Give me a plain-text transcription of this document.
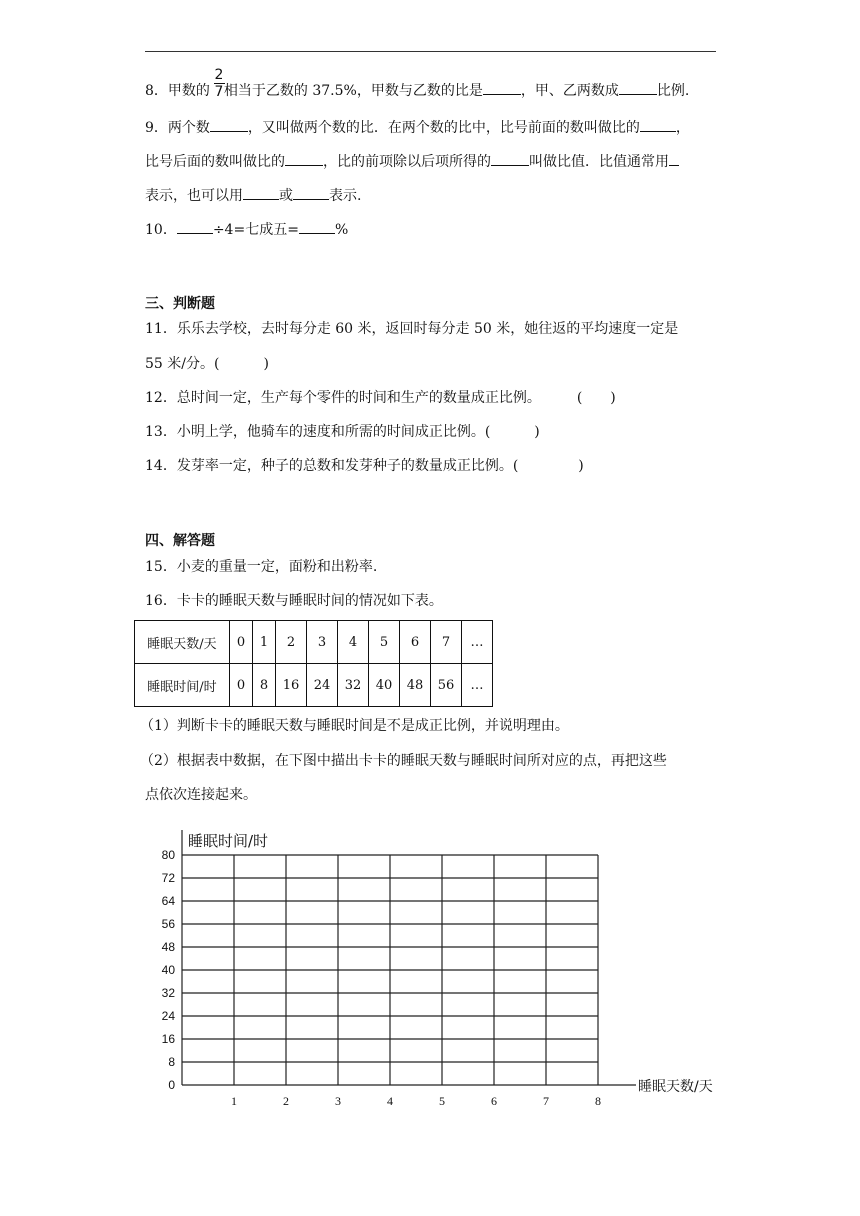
8．甲数的 相当于乙数的 37.5%，甲数与乙数的比是	，甲、乙两数成	比例.
2
7
9．两个数	，又叫做两个数的比．在两个数的比中，比号前面的数叫做比的	，
比号后面的数叫做比的	，比的前项除以后项所得的	叫做比值．比值通常用
表示，也可以用	或	表示.
10．	÷4=七成五=	%
三、判断题
11．乐乐去学校，去时每分走 60 米，返回时每分走 50 米，她往返的平均速度一定是
55 米/分。(	)
12．总时间一定，生产每个零件的时间和生产的数量成正比例。	(　　)
13．小明上学，他骑车的速度和所需的时间成正比例。(	)
14．发芽率一定，种子的总数和发芽种子的数量成正比例。(	)
四、解答题
15．小麦的重量一定，面粉和出粉率.
16．卡卡的睡眠天数与睡眠时间的情况如下表。
睡眠天数/天	0	1	2	3	4	5	6	7	…
睡眠时间/时	0	8	16	24	32	40	48	56	…
（1）判断卡卡的睡眠天数与睡眠时间是不是成正比例，并说明理由。
（2）根据表中数据，在下图中描出卡卡的睡眠天数与睡眠时间所对应的点，再把这些
点依次连接起来。
0
8
16
24
32
40
48
56
64
72
80
1	2	3	4	5	6	7	8
睡眠时间/时
睡眠天数/天
